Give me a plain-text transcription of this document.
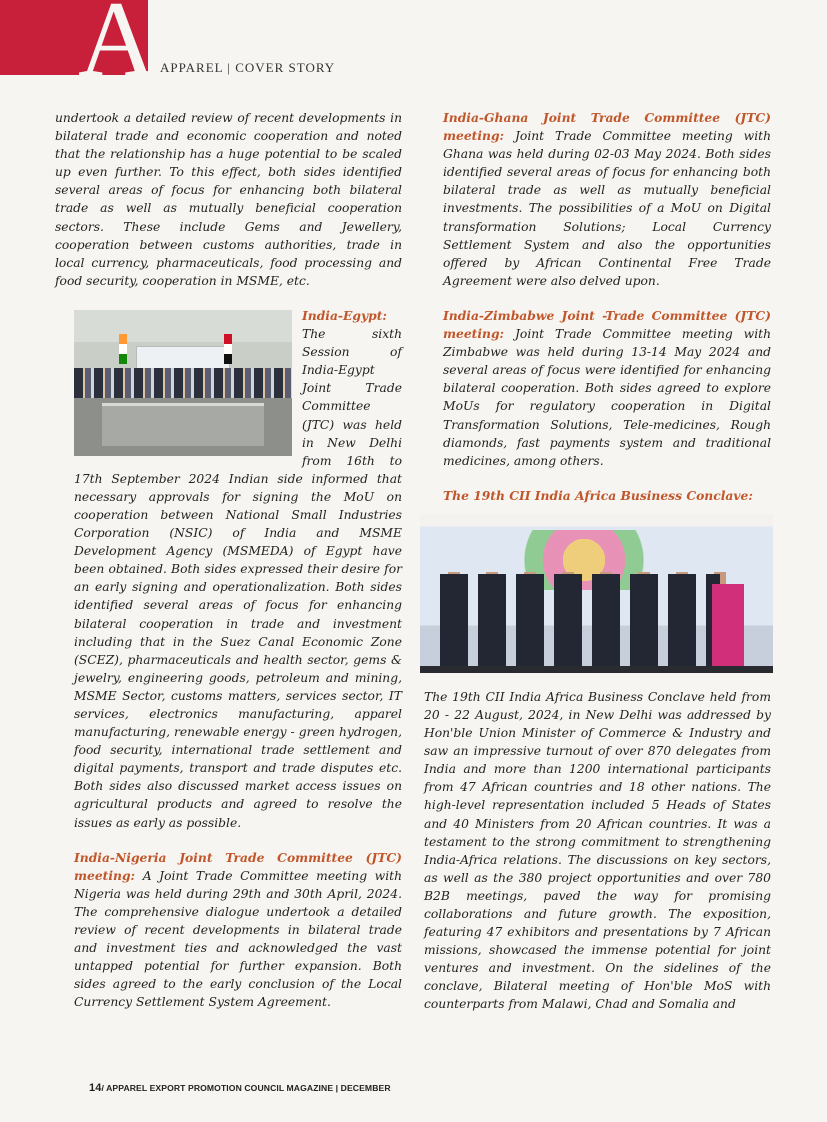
A APPAREL | COVER STORY

undertook a detailed review of recent developments in bilateral trade and economic cooperation and noted that the relationship has a huge potential to be scaled up even further. To this effect, both sides identified several areas of focus for enhancing both bilateral trade as well as mutually beneficial cooperation sectors. These include Gems and Jewellery, cooperation between customs authorities, trade in local currency, pharmaceuticals, food processing and food security, cooperation in MSME, etc.

India-Egypt:
The sixth Session of India-Egypt Joint Trade Committee (JTC) was held in New Delhi from 16th to 17th September 2024 Indian side informed that necessary approvals for signing the MoU on cooperation between National Small Industries Corporation (NSIC) of India and MSME Development Agency (MSMEDA) of Egypt have been obtained. Both sides expressed their desire for an early signing and operationalization. Both sides identified several areas of focus for enhancing bilateral cooperation in trade and investment including that in the Suez Canal Economic Zone (SCEZ), pharmaceuticals and health sector, gems & jewelry, engineering goods, petroleum and mining, MSME Sector, customs matters, services sector, IT services, electronics manufacturing, apparel manufacturing, renewable energy - green hydrogen, food security, international trade settlement and digital payments, transport and trade disputes etc. Both sides also discussed market access issues on agricultural products and agreed to resolve the issues as early as possible.

India-Nigeria Joint Trade Committee (JTC) meeting: A Joint Trade Committee meeting with Nigeria was held during 29th and 30th April, 2024. The comprehensive dialogue undertook a detailed review of recent developments in bilateral trade and investment ties and acknowledged the vast untapped potential for further expansion. Both sides agreed to the early conclusion of the Local Currency Settlement System Agreement.

India-Ghana Joint Trade Committee (JTC) meeting: Joint Trade Committee meeting with Ghana was held during 02-03 May 2024. Both sides identified several areas of focus for enhancing both bilateral trade as well as mutually beneficial investments. The possibilities of a MoU on Digital transformation Solutions; Local Currency Settlement System and also the opportunities offered by African Continental Free Trade Agreement were also delved upon.

India-Zimbabwe Joint -Trade Committee (JTC) meeting: Joint Trade Committee meeting with Zimbabwe was held during 13-14 May 2024 and several areas of focus were identified for enhancing bilateral cooperation. Both sides agreed to explore MoUs for regulatory cooperation in Digital Transformation Solutions, Tele-medicines, Rough diamonds, fast payments system and traditional medicines, among others.

The 19th CII India Africa Business Conclave:

The 19th CII India Africa Business Conclave held from 20 - 22 August, 2024, in New Delhi was addressed by Hon'ble Union Minister of Commerce & Industry and saw an impressive turnout of over 870 delegates from India and more than 1200 international participants from 47 African countries and 18 other nations. The high-level representation included 5 Heads of States and 40 Ministers from 20 African countries. It was a testament to the strong commitment to strengthening India-Africa relations. The discussions on key sectors, as well as the 380 project opportunities and over 780 B2B meetings, paved the way for promising collaborations and future growth. The exposition, featuring 47 exhibitors and presentations by 7 African missions, showcased the immense potential for joint ventures and investment. On the sidelines of the conclave, Bilateral meeting of Hon'ble MoS with counterparts from Malawi, Chad and Somalia and

14/ APPAREL EXPORT PROMOTION COUNCIL MAGAZINE | DECEMBER
